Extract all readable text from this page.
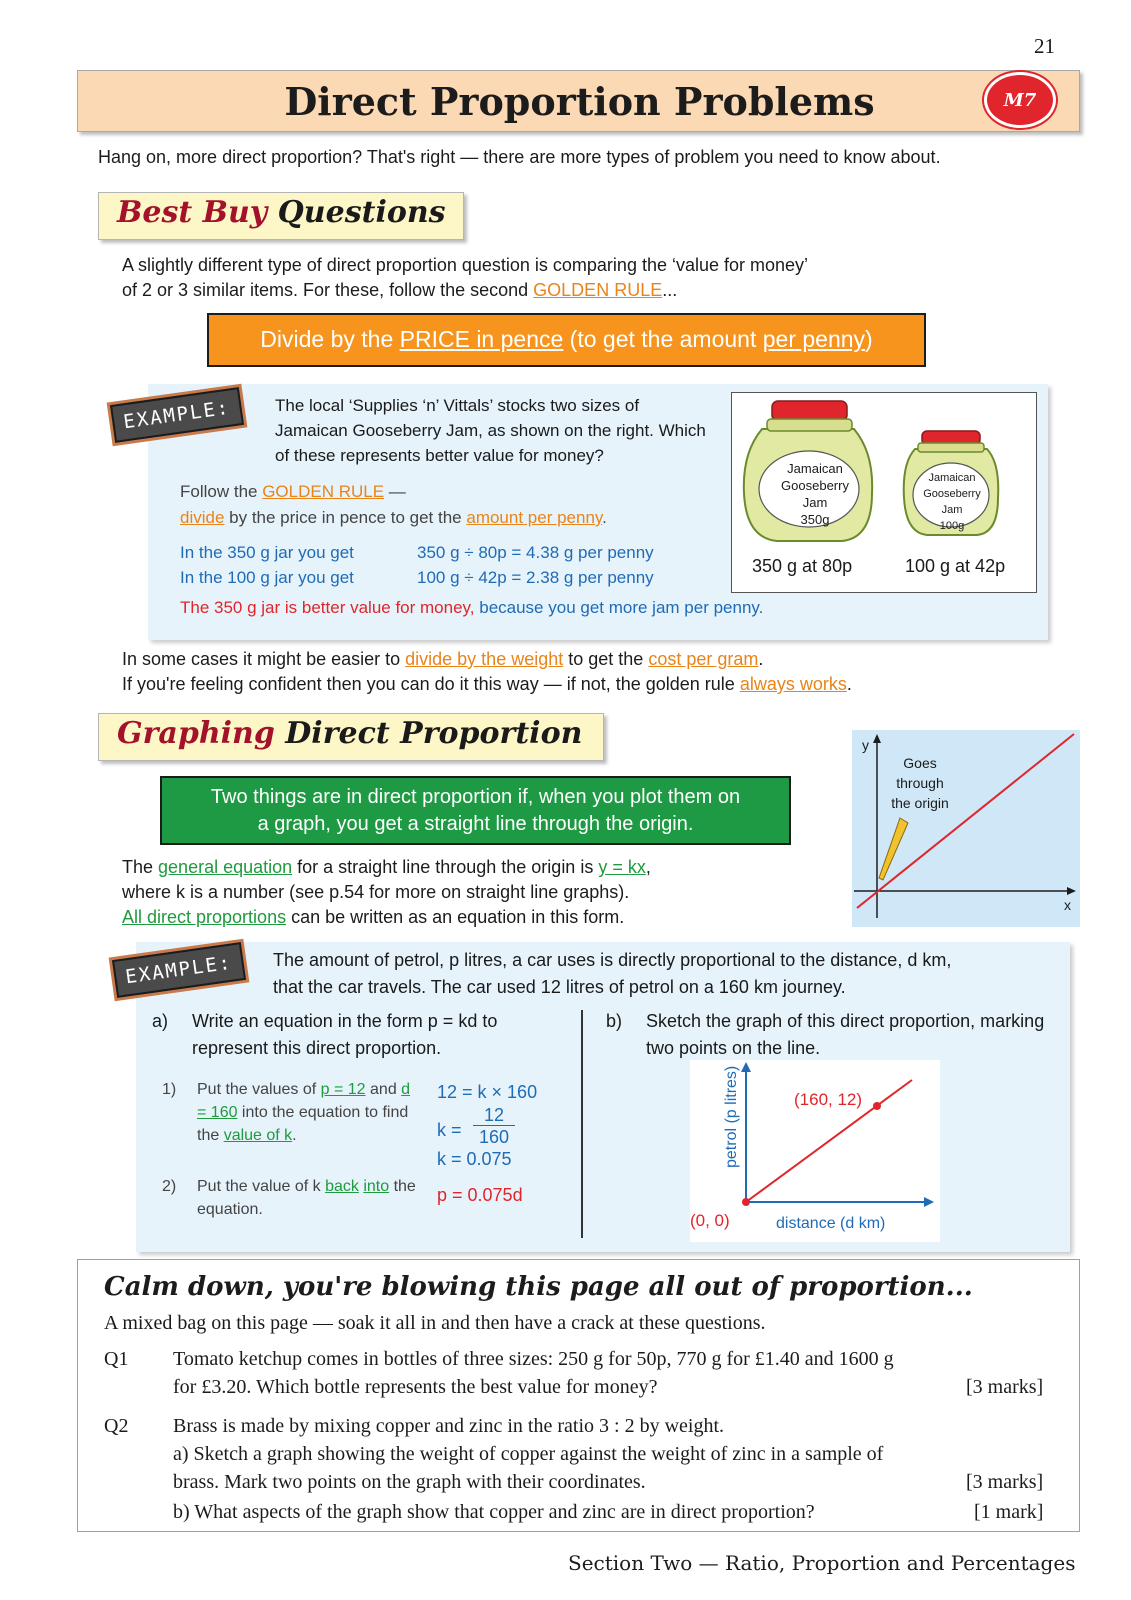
21
Direct Proportion Problems	M7
Hang on, more direct proportion? That's right — there are more types of problem you need to know about.
Best Buy Questions
A slightly different type of direct proportion question is comparing the ‘value for money’
of 2 or 3 similar items. For these, follow the second GOLDEN RULE...
Divide by the PRICE in pence (to get the amount per penny)
EXAMPLE:	The local ‘Supplies ‘n’ Vittals’ stocks two sizes of Jamaican Gooseberry Jam, as shown on the right. Which of these represents better value for money?
Follow the GOLDEN RULE —
divide by the price in pence to get the amount per penny.
In the 350 g jar you get	350 g ÷ 80p = 4.38 g per penny
In the 100 g jar you get	100 g ÷ 42p = 2.38 g per penny
The 350 g jar is better value for money, because you get more jam per penny.
Jamaican
Gooseberry
Jam
350g
Jamaican
Gooseberry
Jam
100g
350 g at 80p	100 g at 42p
In some cases it might be easier to divide by the weight to get the cost per gram.
If you're feeling confident then you can do it this way — if not, the golden rule always works.
Graphing Direct Proportion
Two things are in direct proportion if, when you plot them on
a graph, you get a straight line through the origin.
The general equation for a straight line through the origin is y = kx,
where k is a number (see p.54 for more on straight line graphs).
All direct proportions can be written as an equation in this form.
y
x
Goes
through
the origin
EXAMPLE:	The amount of petrol, p litres, a car uses is directly proportional to the distance, d km,
that the car travels. The car used 12 litres of petrol on a 160 km journey.
a) Write an equation in the form p = kd to represent this direct proportion.
b) Sketch the graph of this direct proportion, marking two points on the line.
1) Put the values of p = 12 and d = 160 into the equation to find the value of k.
2) Put the value of k back into the equation.
12 = k × 160
$k = \frac{12}{160}$
k = 0.075
p = 0.075d
petrol (p litres)
distance (d km)
(0, 0)
(160, 12)
Calm down, you're blowing this page all out of proportion...
A mixed bag on this page — soak it all in and then have a crack at these questions.
Q1 Tomato ketchup comes in bottles of three sizes: 250 g for 50p, 770 g for £1.40 and 1600 g for £3.20. Which bottle represents the best value for money?	[3 marks]
Q2 Brass is made by mixing copper and zinc in the ratio 3 : 2 by weight.
a) Sketch a graph showing the weight of copper against the weight of zinc in a sample of brass. Mark two points on the graph with their coordinates.	[3 marks]
b) What aspects of the graph show that copper and zinc are in direct proportion?	[1 mark]
Section Two — Ratio, Proportion and Percentages
